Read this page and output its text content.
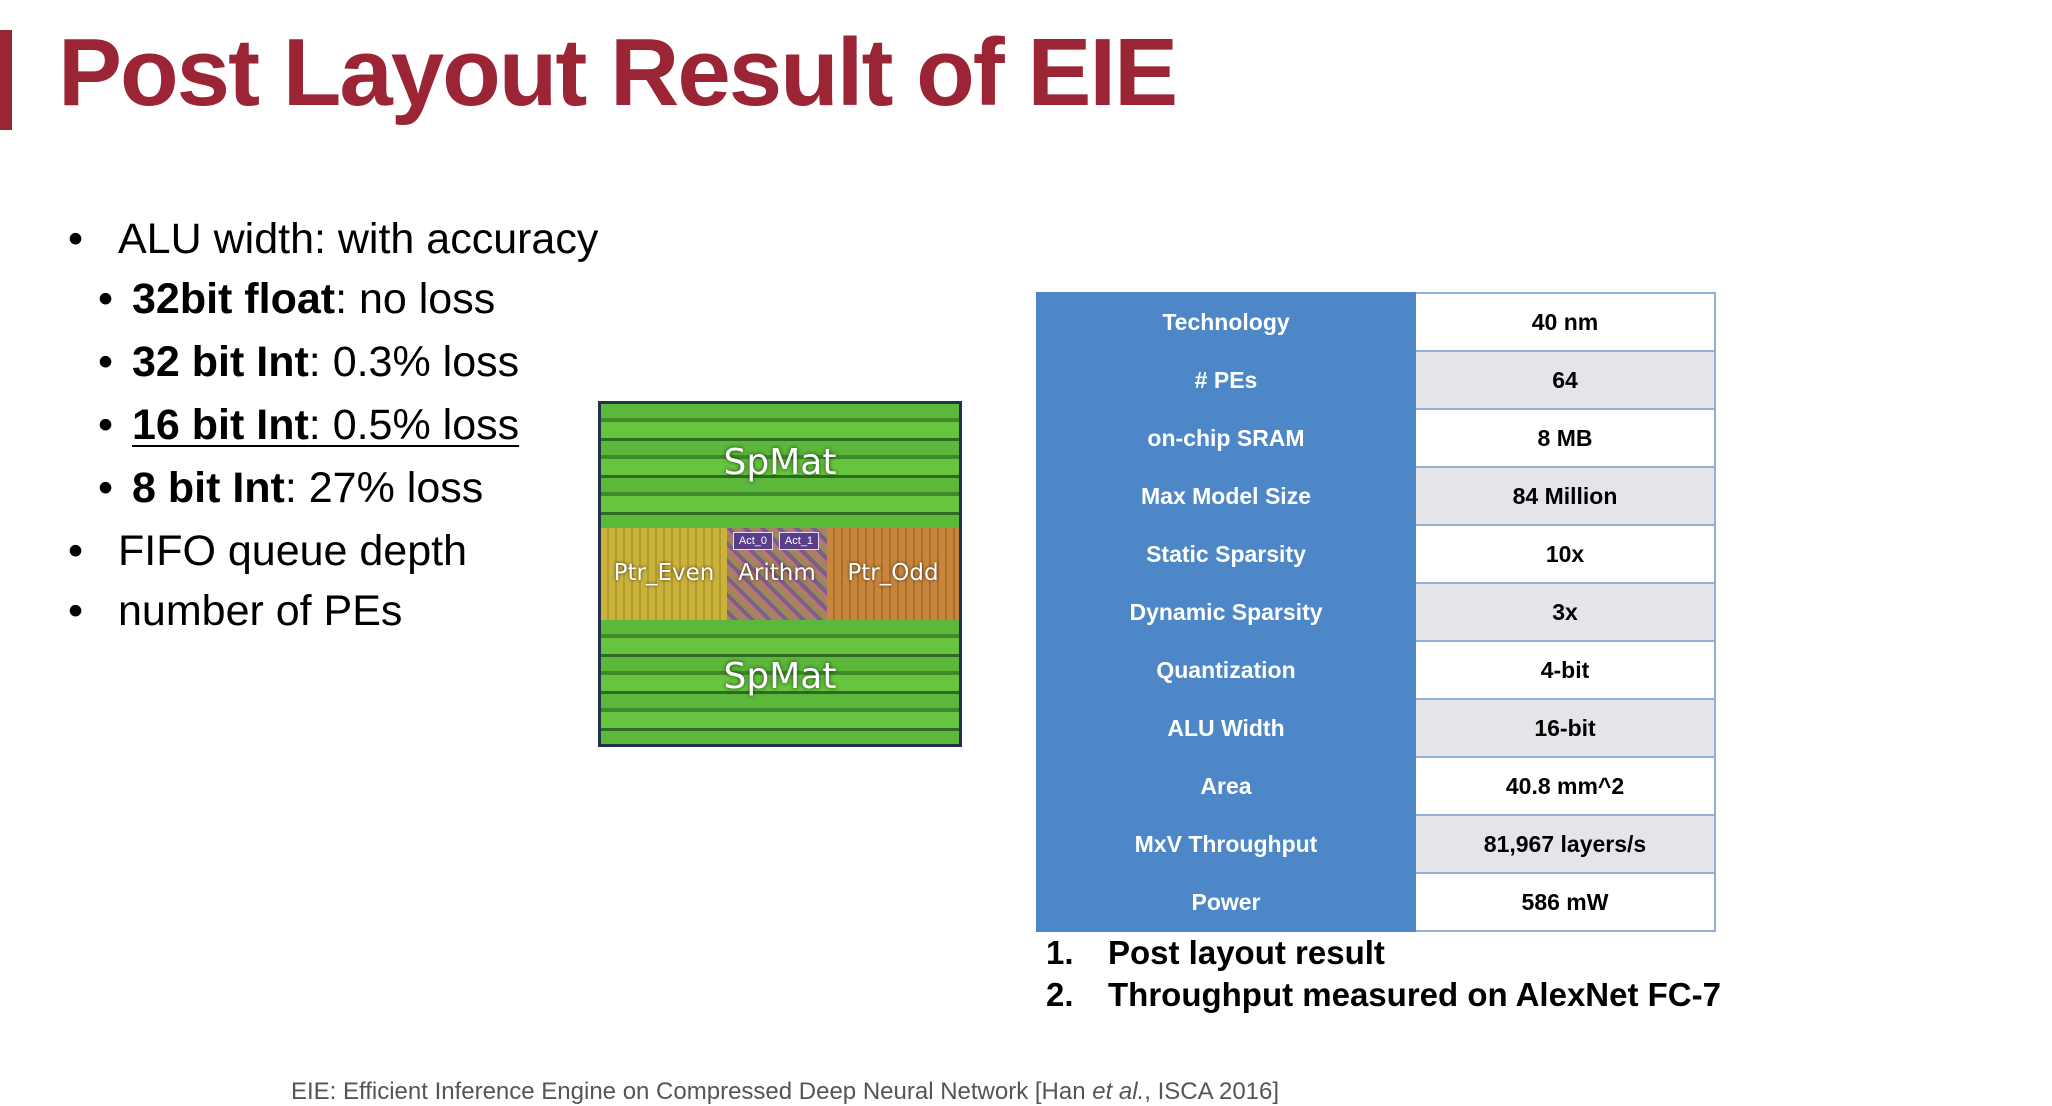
Post Layout Result of EIE
• ALU width: with accuracy
• 32bit float: no loss
• 32 bit Int: 0.3% loss
• 16 bit Int: 0.5% loss
• 8 bit Int: 27% loss
• FIFO queue depth
• number of PEs
SpMat
Ptr_Even
Act_0	Act_1
Arithm	Ptr_Odd
SpMat
Technology	40 nm
# PEs	64
on-chip SRAM	8 MB
Max Model Size	84 Million
Static Sparsity	10x
Dynamic Sparsity	3x
Quantization	4-bit
ALU Width	16-bit
Area	40.8 mm^2
MxV Throughput	81,967 layers/s
Power	586 mW
1. Post layout result
2. Throughput measured on AlexNet FC-7
EIE: Efficient Inference Engine on Compressed Deep Neural Network [Han et al., ISCA 2016]
